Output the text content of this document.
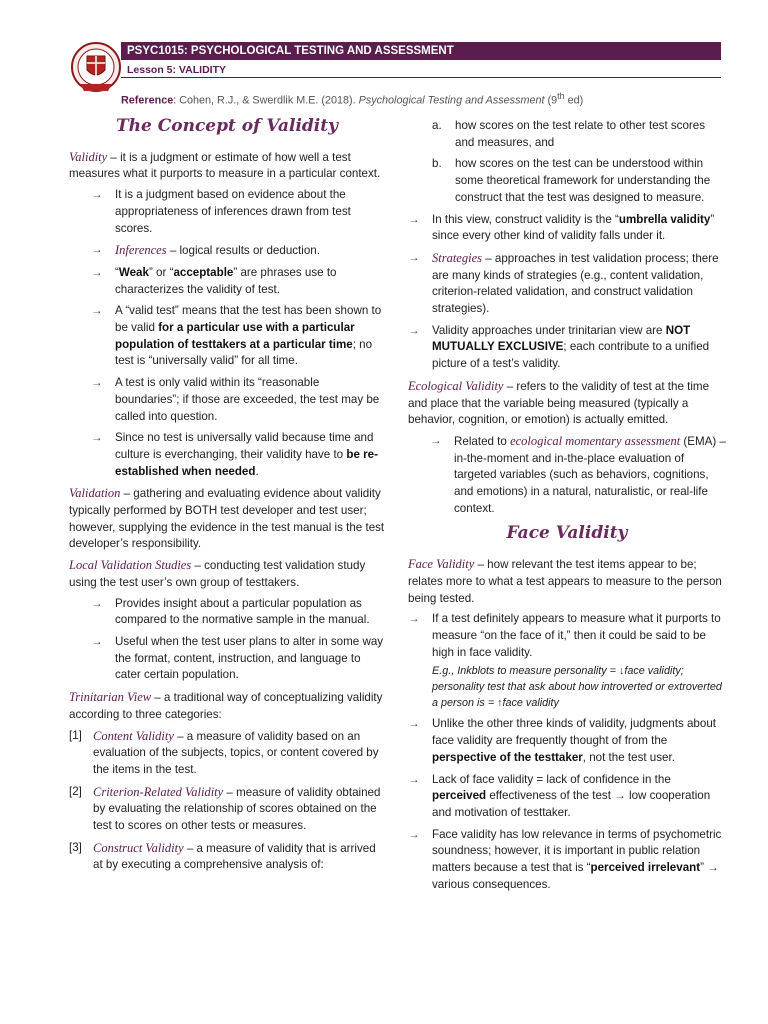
PSYC1015: PSYCHOLOGICAL TESTING AND ASSESSMENT
Lesson 5: VALIDITY
Reference: Cohen, R.J., & Swerdlik M.E. (2018). Psychological Testing and Assessment (9th ed)
The Concept of Validity

Validity – it is a judgment or estimate of how well a test measures what it purports to measure in a particular context.

→ It is a judgment based on evidence about the appropriateness of inferences drawn from test scores.
→ Inferences – logical results or deduction.
→ “Weak” or “acceptable” are phrases use to characterizes the validity of test.
→ A “valid test” means that the test has been shown to be valid for a particular use with a particular population of testtakers at a particular time; no test is “universally valid” for all time.
→ A test is only valid within its “reasonable boundaries”; if those are exceeded, the test may be called into question.
→ Since no test is universally valid because time and culture is everchanging, their validity have to be re-established when needed.

Validation – gathering and evaluating evidence about validity typically performed by BOTH test developer and test user; however, supplying the evidence in the test manual is the test developer’s responsibility.

Local Validation Studies – conducting test validation study using the test user’s own group of testtakers.

→ Provides insight about a particular population as compared to the normative sample in the manual.
→ Useful when the test user plans to alter in some way the format, content, instruction, and language to cater certain population.

Trinitarian View – a traditional way of conceptualizing validity according to three categories:

[1] Content Validity – a measure of validity based on an evaluation of the subjects, topics, or content covered by the items in the test.
[2] Criterion-Related Validity – measure of validity obtained by evaluating the relationship of scores obtained on the test to scores on other tests or measures.
[3] Construct Validity – a measure of validity that is arrived at by executing a comprehensive analysis of:
a. how scores on the test relate to other test scores and measures, and
b. how scores on the test can be understood within some theoretical framework for understanding the construct that the test was designed to measure.
→ In this view, construct validity is the “umbrella validity” since every other kind of validity falls under it.
→ Strategies – approaches in test validation process; there are many kinds of strategies (e.g., content validation, criterion-related validation, and construct validation strategies).
→ Validity approaches under trinitarian view are NOT MUTUALLY EXCLUSIVE; each contribute to a unified picture of a test’s validity.

Ecological Validity – refers to the validity of test at the time and place that the variable being measured (typically a behavior, cognition, or emotion) is actually emitted.

→ Related to ecological momentary assessment (EMA) – in-the-moment and in-the-place evaluation of targeted variables (such as behaviors, cognitions, and emotions) in a natural, naturalistic, or real-life context.
Face Validity

Face Validity – how relevant the test items appear to be; relates more to what a test appears to measure to the person being tested.

→ If a test definitely appears to measure what it purports to measure “on the face of it,” then it could be said to be high in face validity.
E.g., Inkblots to measure personality = ↓face validity; personality test that ask about how introverted or extroverted a person is = ↑face validity
→ Unlike the other three kinds of validity, judgments about face validity are frequently thought of from the perspective of the testtaker, not the test user.
→ Lack of face validity = lack of confidence in the perceived effectiveness of the test → low cooperation and motivation of testtaker.
→ Face validity has low relevance in terms of psychometric soundness; however, it is important in public relation matters because a test that is “perceived irrelevant” → various consequences.
